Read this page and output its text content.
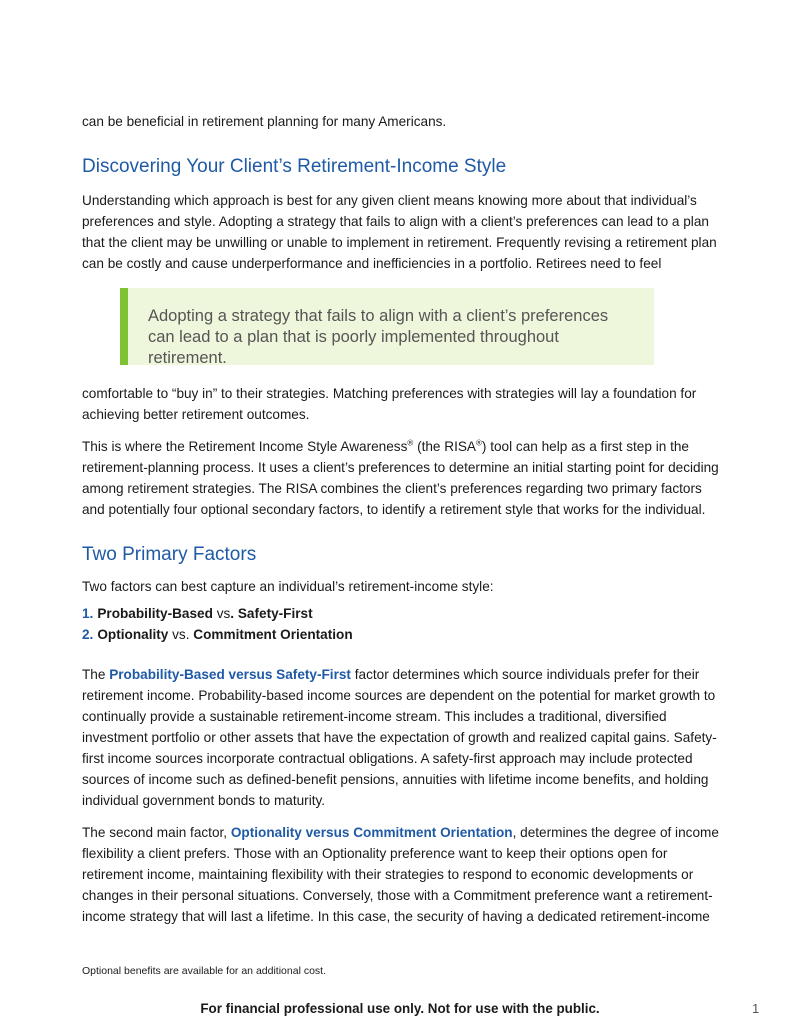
can be beneficial in retirement planning for many Americans.

Discovering Your Client’s Retirement-Income Style

Understanding which approach is best for any given client means knowing more about that individual’s preferences and style. Adopting a strategy that fails to align with a client’s preferences can lead to a plan that the client may be unwilling or unable to implement in retirement. Frequently revising a retirement plan can be costly and cause underperformance and inefficiencies in a portfolio. Retirees need to feel

Adopting a strategy that fails to align with a client’s preferences can lead to a plan that is poorly implemented throughout retirement.

comfortable to “buy in” to their strategies. Matching preferences with strategies will lay a foundation for achieving better retirement outcomes.

This is where the Retirement Income Style Awareness® (the RISA®) tool can help as a first step in the retirement-planning process. It uses a client’s preferences to determine an initial starting point for deciding among retirement strategies. The RISA combines the client’s preferences regarding two primary factors and potentially four optional secondary factors, to identify a retirement style that works for the individual.

Two Primary Factors

Two factors can best capture an individual’s retirement-income style:

1. Probability-Based vs. Safety-First
2. Optionality vs. Commitment Orientation

The Probability-Based versus Safety-First factor determines which source individuals prefer for their retirement income. Probability-based income sources are dependent on the potential for market growth to continually provide a sustainable retirement-income stream. This includes a traditional, diversified investment portfolio or other assets that have the expectation of growth and realized capital gains. Safety-first income sources incorporate contractual obligations. A safety-first approach may include protected sources of income such as defined-benefit pensions, annuities with lifetime income benefits, and holding individual government bonds to maturity.

The second main factor, Optionality versus Commitment Orientation, determines the degree of income flexibility a client prefers. Those with an Optionality preference want to keep their options open for retirement income, maintaining flexibility with their strategies to respond to economic developments or changes in their personal situations. Conversely, those with a Commitment preference want a retirement-income strategy that will last a lifetime. In this case, the security of having a dedicated retirement-income

Optional benefits are available for an additional cost.
For financial professional use only. Not for use with the public.	1
